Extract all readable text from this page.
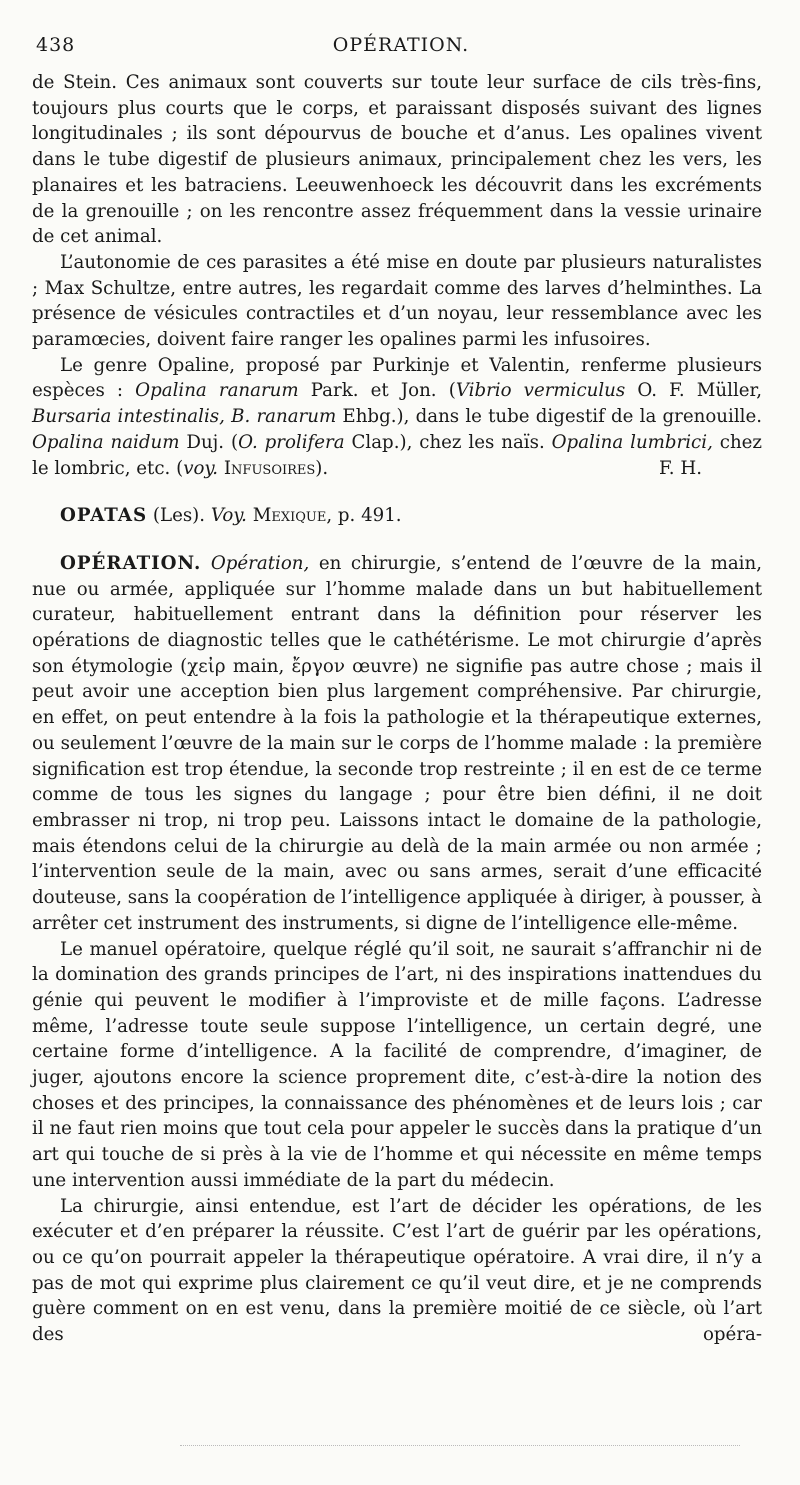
438	OPÉRATION.

de Stein. Ces animaux sont couverts sur toute leur surface de cils très-fins, toujours plus courts que le corps, et paraissant disposés suivant des lignes longitudinales ; ils sont dépourvus de bouche et d’anus. Les opalines vivent dans le tube digestif de plusieurs animaux, principalement chez les vers, les planaires et les batraciens. Leeuwenhoeck les découvrit dans les excréments de la grenouille ; on les rencontre assez fréquemment dans la vessie urinaire de cet animal.

L’autonomie de ces parasites a été mise en doute par plusieurs naturalistes ; Max Schultze, entre autres, les regardait comme des larves d’helminthes. La présence de vésicules contractiles et d’un noyau, leur ressemblance avec les paramœcies, doivent faire ranger les opalines parmi les infusoires.

Le genre Opaline, proposé par Purkinje et Valentin, renferme plusieurs espèces : Opalina ranarum Park. et Jon. (Vibrio vermiculus O. F. Müller, Bursaria intestinalis, B. ranarum Ehbg.), dans le tube digestif de la grenouille. Opalina naidum Duj. (O. prolifera Clap.), chez les naïs. Opalina lumbrici, chez le lombric, etc. (voy. Infusoires).	F. H.

OPATAS (Les). Voy. Mexique, p. 491.

OPÉRATION. Opération, en chirurgie, s’entend de l’œuvre de la main, nue ou armée, appliquée sur l’homme malade dans un but habituellement curateur, habituellement entrant dans la définition pour réserver les opérations de diagnostic telles que le cathétérisme. Le mot chirurgie d’après son étymologie (χεἰρ main, ἔργον œuvre) ne signifie pas autre chose ; mais il peut avoir une acception bien plus largement compréhensive. Par chirurgie, en effet, on peut entendre à la fois la pathologie et la thérapeutique externes, ou seulement l’œuvre de la main sur le corps de l’homme malade : la première signification est trop étendue, la seconde trop restreinte ; il en est de ce terme comme de tous les signes du langage ; pour être bien défini, il ne doit embrasser ni trop, ni trop peu. Laissons intact le domaine de la pathologie, mais étendons celui de la chirurgie au delà de la main armée ou non armée ; l’intervention seule de la main, avec ou sans armes, serait d’une efficacité douteuse, sans la coopération de l’intelligence appliquée à diriger, à pousser, à arrêter cet instrument des instruments, si digne de l’intelligence elle-même.

Le manuel opératoire, quelque réglé qu’il soit, ne saurait s’affranchir ni de la domination des grands principes de l’art, ni des inspirations inattendues du génie qui peuvent le modifier à l’improviste et de mille façons. L’adresse même, l’adresse toute seule suppose l’intelligence, un certain degré, une certaine forme d’intelligence. A la facilité de comprendre, d’imaginer, de juger, ajoutons encore la science proprement dite, c’est-à-dire la notion des choses et des principes, la connaissance des phénomènes et de leurs lois ; car il ne faut rien moins que tout cela pour appeler le succès dans la pratique d’un art qui touche de si près à la vie de l’homme et qui nécessite en même temps une intervention aussi immédiate de la part du médecin.

La chirurgie, ainsi entendue, est l’art de décider les opérations, de les exécuter et d’en préparer la réussite. C’est l’art de guérir par les opérations, ou ce qu’on pourrait appeler la thérapeutique opératoire. A vrai dire, il n’y a pas de mot qui exprime plus clairement ce qu’il veut dire, et je ne comprends guère comment on en est venu, dans la première moitié de ce siècle, où l’art des opéra-
